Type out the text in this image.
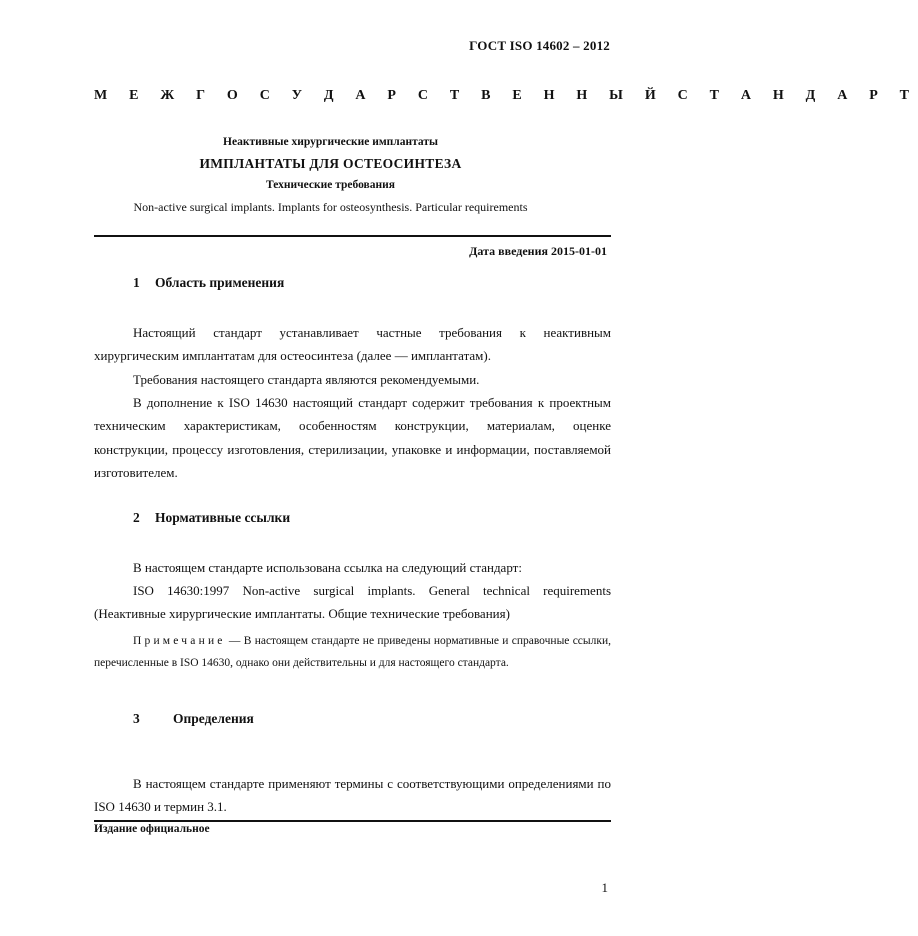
ГОСТ ISO 14602 – 2012
М Е Ж Г О С У Д А Р С Т В Е Н Н Ы Й С Т А Н Д А Р Т
Неактивные хирургические имплантаты
ИМПЛАНТАТЫ ДЛЯ ОСТЕОСИНТЕЗА
Технические требования
Non-active surgical implants. Implants for osteosynthesis. Particular requirements
Дата введения 2015-01-01
1 Область применения
Настоящий стандарт устанавливает частные требования к неактивным хирургическим имплантатам для остеосинтеза (далее — имплантатам).
Требования настоящего стандарта являются рекомендуемыми.
В дополнение к ISO 14630 настоящий стандарт содержит требования к проектным техническим характеристикам, особенностям конструкции, материалам, оценке конструкции, процессу изготовления, стерилизации, упаковке и информации, поставляемой изготовителем.
2 Нормативные ссылки
В настоящем стандарте использована ссылка на следующий стандарт:
ISO 14630:1997 Non-active surgical implants. General technical requirements (Неактивные хирургические имплантаты. Общие технические требования)
Примечание — В настоящем стандарте не приведены нормативные и справочные ссылки, перечисленные в ISO 14630, однако они действительны и для настоящего стандарта.
3 Определения
В настоящем стандарте применяют термины с соответствующими определениями по ISO 14630 и термин 3.1.
Издание официальное
1
